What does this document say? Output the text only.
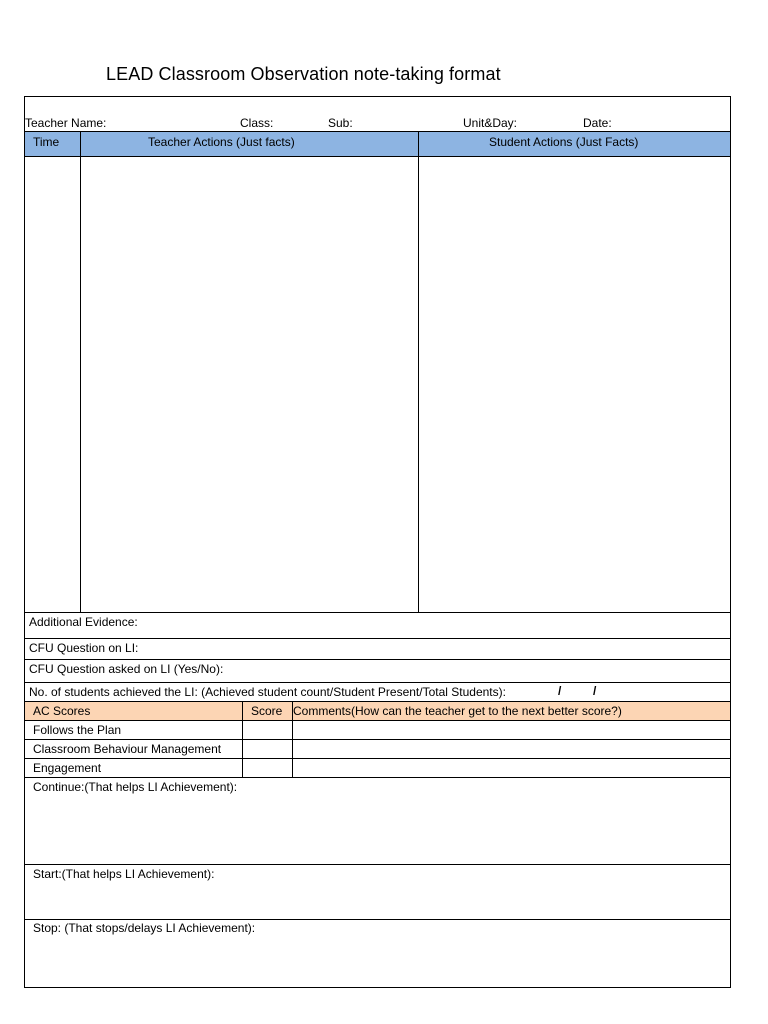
LEAD Classroom Observation note-taking format
Teacher Name:	Class:	Sub:	Unit&Day:	Date:
Time	Teacher Actions (Just facts)	Student Actions (Just Facts)
Additional Evidence:
CFU Question on LI:
CFU Question asked on LI (Yes/No):
No. of students achieved the LI: (Achieved student count/Student Present/Total Students):	/	/
AC Scores	Score Comments(How can the teacher get to the next better score?)
Follows the Plan
Classroom Behaviour Management
Engagement
Continue:(That helps LI Achievement):
Start:(That helps LI Achievement):
Stop: (That stops/delays LI Achievement):
